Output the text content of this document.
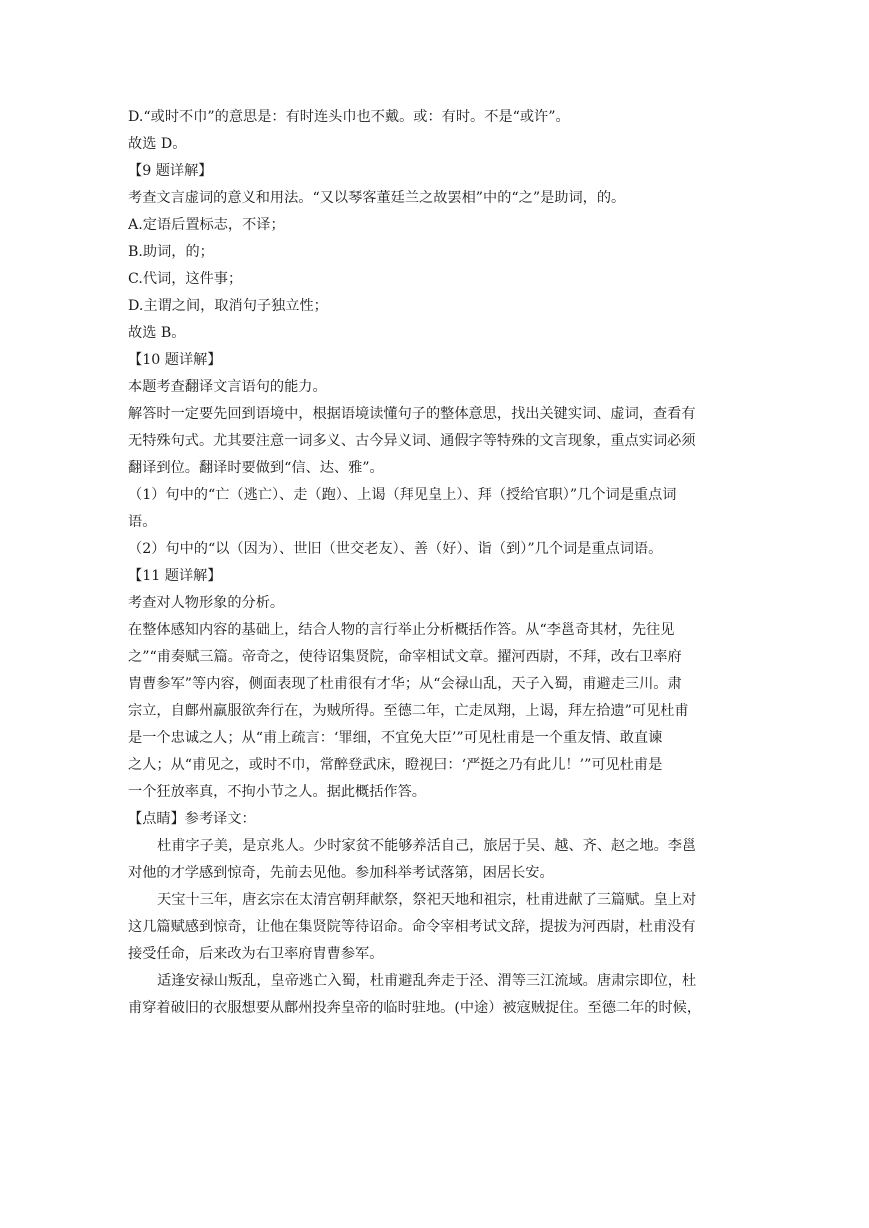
D.“或时不巾”的意思是：有时连头巾也不戴。或：有时。不是“或许”。
故选 D。
【9 题详解】
考查文言虚词的意义和用法。“又以琴客董廷兰之故罢相”中的“之”是助词，的。
A.定语后置标志，不译；
B.助词，的；
C.代词，这件事；
D.主谓之间，取消句子独立性；
故选 B。
【10 题详解】
本题考查翻译文言语句的能力。
解答时一定要先回到语境中，根据语境读懂句子的整体意思，找出关键实词、虚词，查看有
无特殊句式。尤其要注意一词多义、古今异义词、通假字等特殊的文言现象，重点实词必须
翻译到位。翻译时要做到“信、达、雅”。
（1）句中的“亡（逃亡）、走（跑）、上谒（拜见皇上）、拜（授给官职）”几个词是重点词
语。
（2）句中的“以（因为）、世旧（世交老友）、善（好）、诣（到）”几个词是重点词语。
【11 题详解】
考查对人物形象的分析。
在整体感知内容的基础上，结合人物的言行举止分析概括作答。从“李邕奇其材，先往见
之”“甫奏赋三篇。帝奇之，使待诏集贤院，命宰相试文章。擢河西尉，不拜，改右卫率府
胄曹参军”等内容，侧面表现了杜甫很有才华；从“会禄山乱，天子入蜀，甫避走三川。肃
宗立，自鄜州羸服欲奔行在，为贼所得。至德二年，亡走凤翔，上谒，拜左拾遗”可见杜甫
是一个忠诚之人；从“甫上疏言：‘罪细，不宜免大臣’”可见杜甫是一个重友情、敢直谏
之人；从“甫见之，或时不巾，常醉登武床，瞪视曰：‘严挺之乃有此儿！’”可见杜甫是
一个狂放率真，不拘小节之人。据此概括作答。
【点睛】参考译文：
杜甫字子美，是京兆人。少时家贫不能够养活自己，旅居于吴、越、齐、赵之地。李邕
对他的才学感到惊奇，先前去见他。参加科举考试落第，困居长安。
天宝十三年，唐玄宗在太清宫朝拜献祭，祭祀天地和祖宗，杜甫进献了三篇赋。皇上对
这几篇赋感到惊奇，让他在集贤院等待诏命。命令宰相考试文辞，提拔为河西尉，杜甫没有
接受任命，后来改为右卫率府胄曹参军。
适逢安禄山叛乱，皇帝逃亡入蜀，杜甫避乱奔走于泾、渭等三江流域。唐肃宗即位，杜
甫穿着破旧的衣服想要从鄜州投奔皇帝的临时驻地。(中途）被寇贼捉住。至德二年的时候，
